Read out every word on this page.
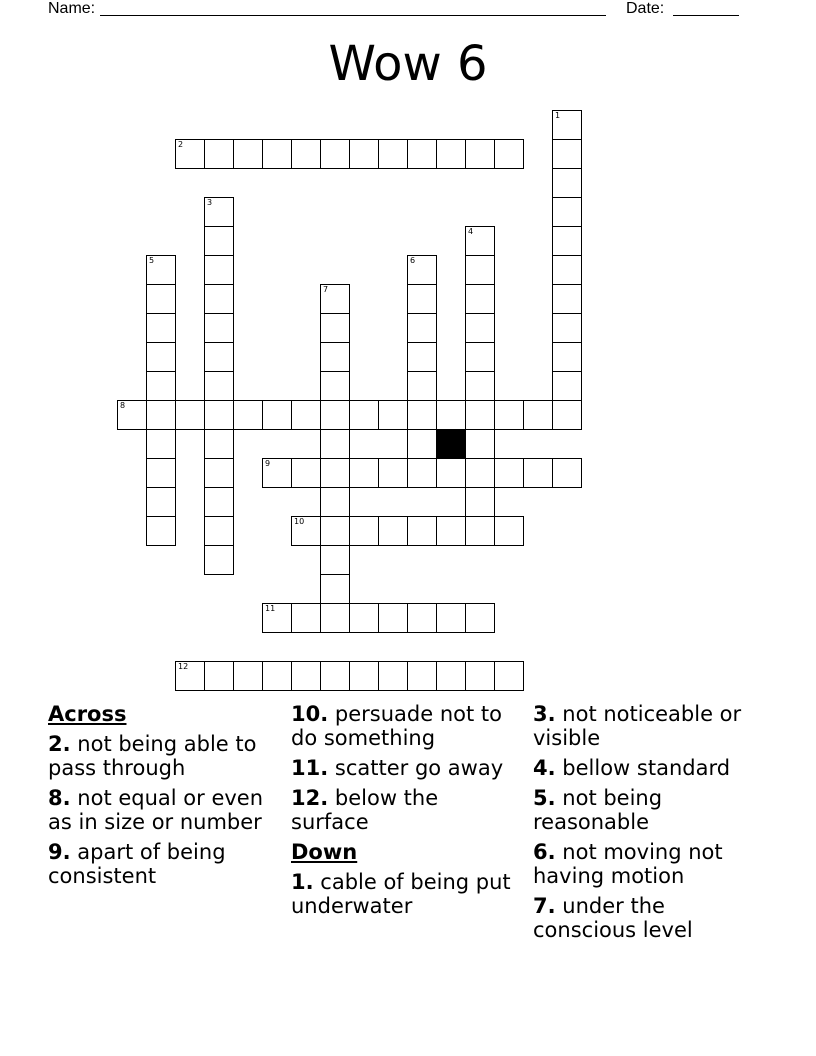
Name:	Date:
Wow 6
2
1
3
4
5	6
7
8
9
10
11
12
Across
2. not being able to pass through
8. not equal or even as in size or number
9. apart of being consistent
10. persuade not to do something
11. scatter go away
12. below the surface
Down
1. cable of being put underwater
3. not noticeable or visible
4. bellow standard
5. not being reasonable
6. not moving not having motion
7. under the conscious level
